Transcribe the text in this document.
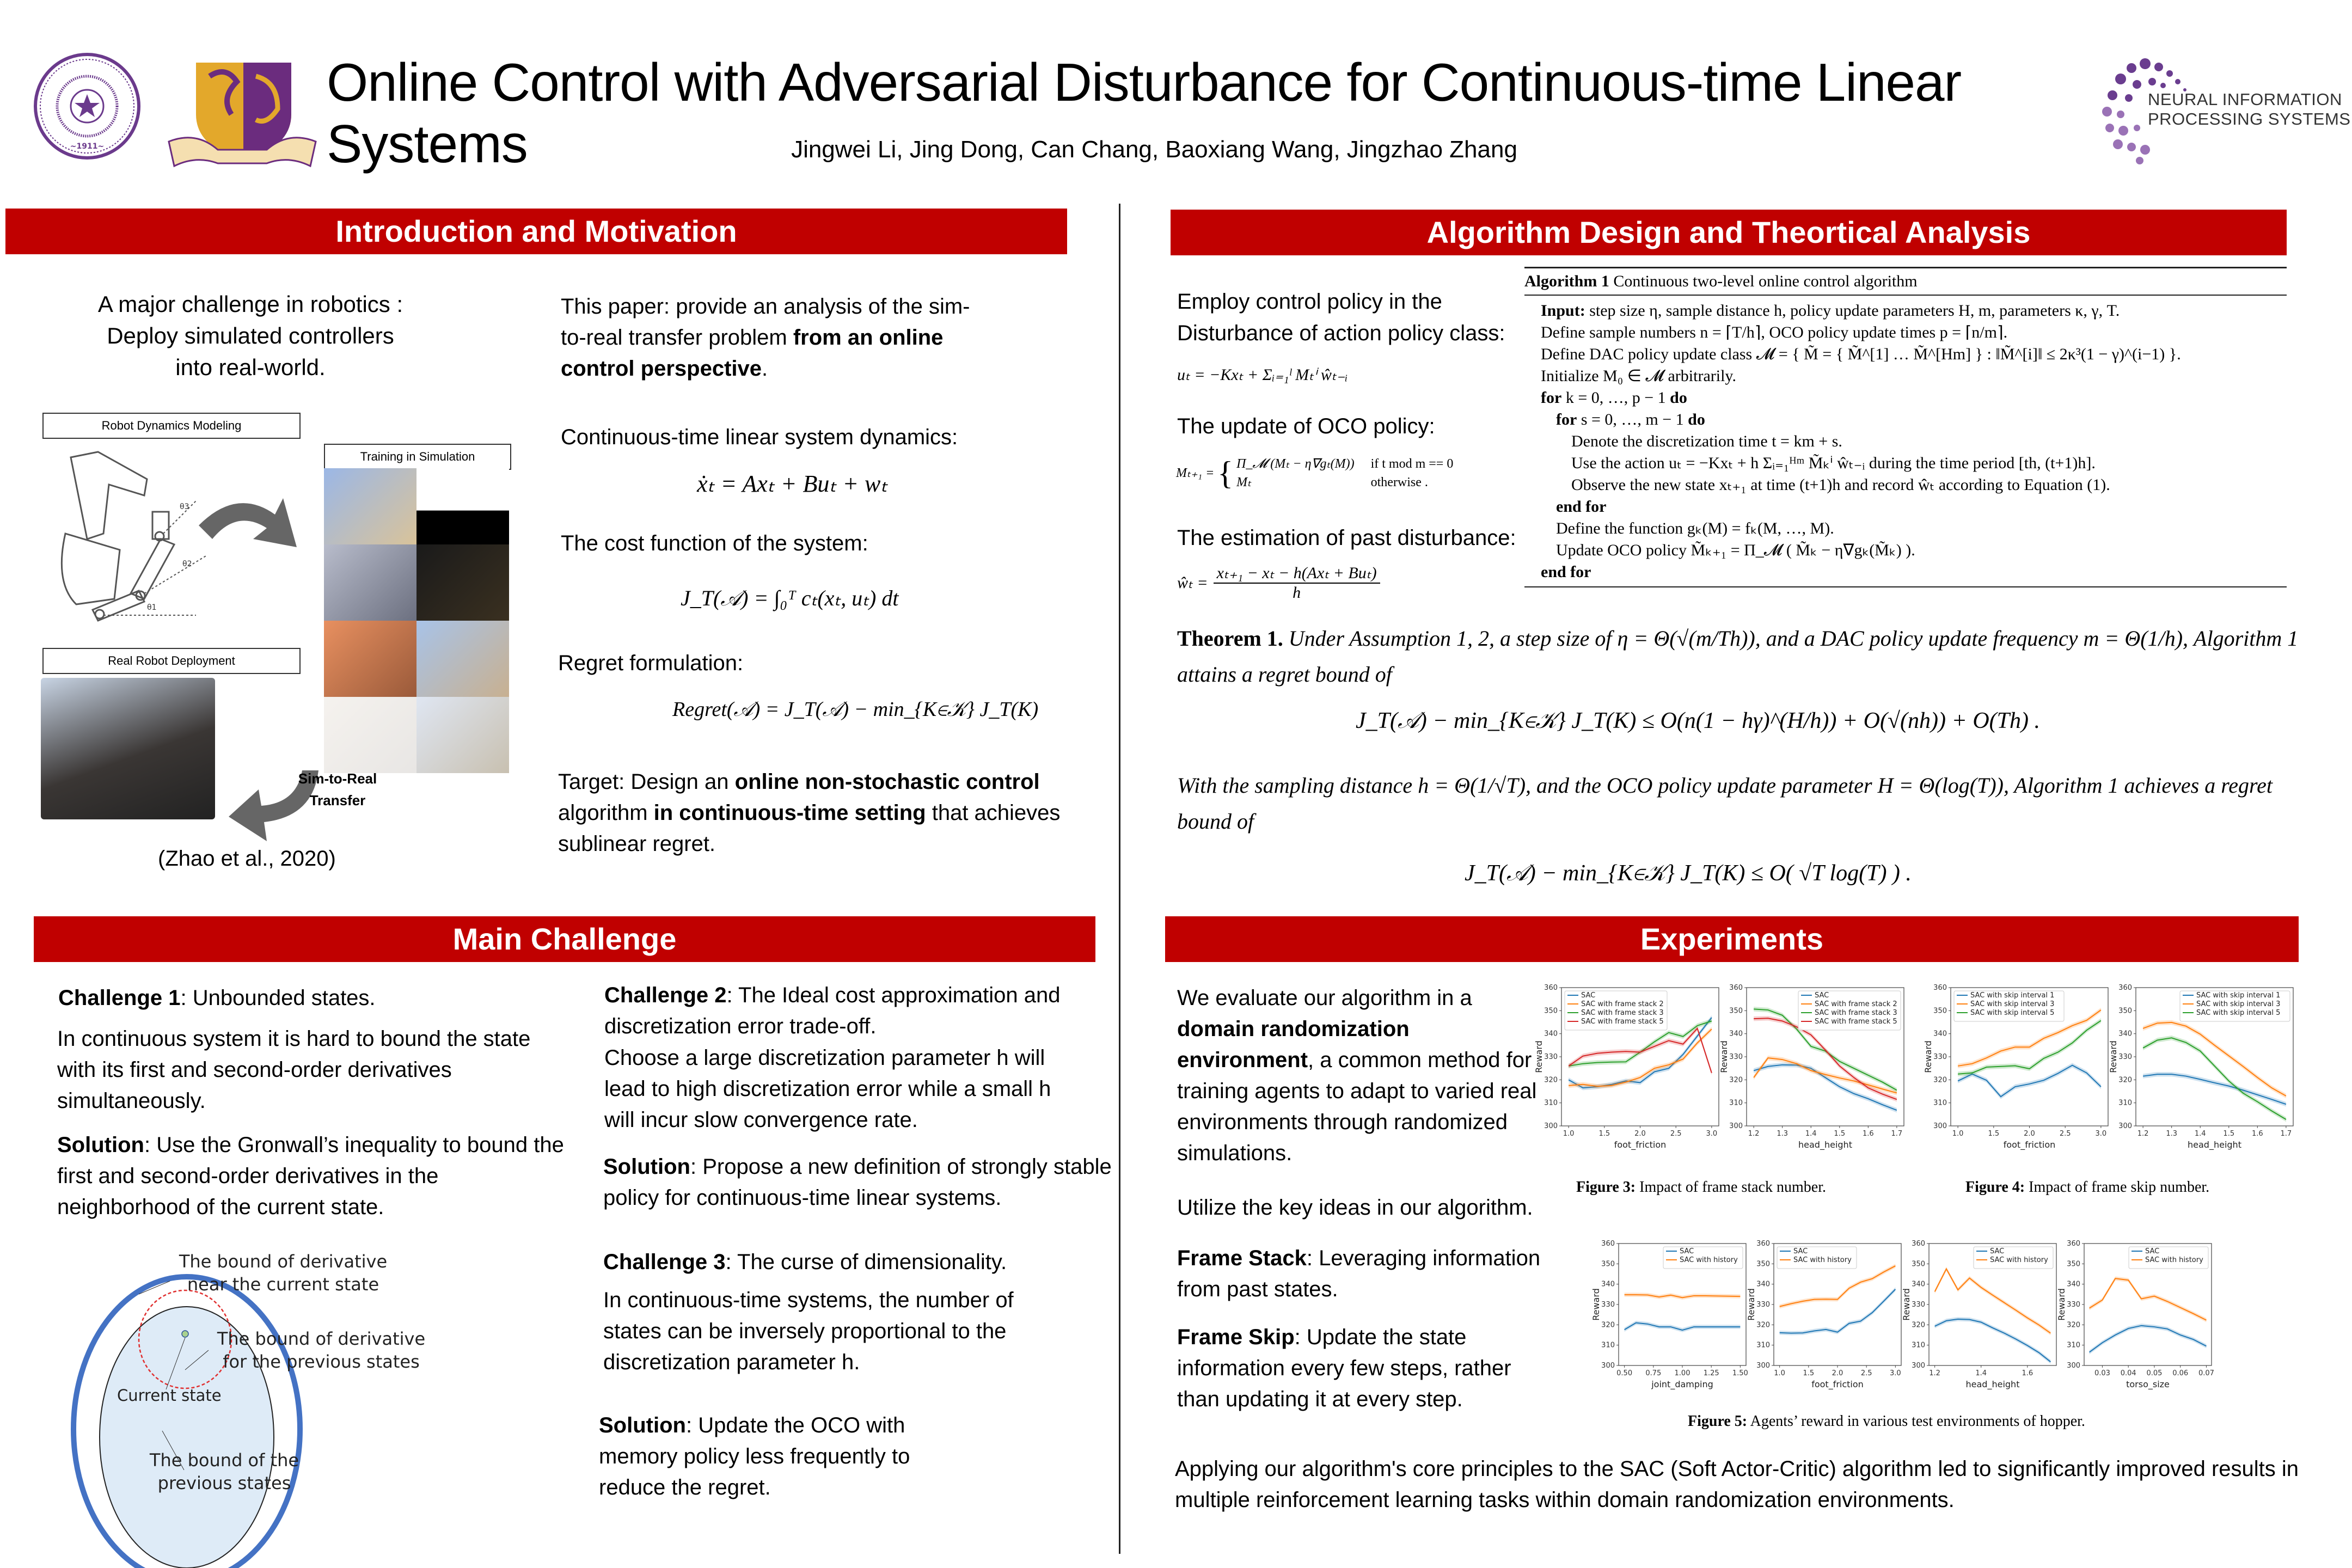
~1911~
Online Control with Adversarial Disturbance for Continuous-time Linear Systems	Jingwei Li, Jing Dong, Can Chang, Baoxiang Wang, Jingzhao Zhang
NEURAL INFORMATION
PROCESSING SYSTEMS
Introduction and Motivation
A major challenge in robotics :
Deploy simulated controllers
into real-world.
Robot Dynamics Modeling
Training in Simulation
Real Robot Deployment
θ3
θ2
θ1
Sim-to-Real
Transfer
(Zhao et al., 2020)
This paper: provide an analysis of the sim-to-real transfer problem from an online control perspective.
Continuous-time linear system dynamics:
ẋₜ = Axₜ + Buₜ + wₜ
The cost function of the system:
J_T(𝒜) = ∫₀ᵀ cₜ(xₜ, uₜ) dt
Regret formulation:
Regret(𝒜) = J_T(𝒜) − min_{K∈𝒦} J_T(K)
Target: Design an online non-stochastic control algorithm in continuous-time setting that achieves sublinear regret.
Algorithm Design and Theortical Analysis
Employ control policy in the Disturbance of action policy class:
uₜ = −Kxₜ + Σᵢ₌₁ˡ Mₜⁱ ŵₜ₋ᵢ
The update of OCO policy:
Mₜ₊₁ = { Π_𝓜 (Mₜ − η∇gₜ(M)) if t mod m == 0
Mₜ	otherwise .
The estimation of past disturbance:
ŵₜ =
xₜ₊₁ − xₜ − h(Axₜ + Buₜ)
h
Algorithm 1 Continuous two-level online control algorithm
Input: step size η, sample distance h, policy update parameters H, m, parameters κ, γ, T.
Define sample numbers n = ⌈T/h⌉, OCO policy update times p = ⌈n/m⌉.
Define DAC policy update class 𝓜 = { M̃ = { M̃^[1] … M̃^[Hm] } : ‖M̃^[i]‖ ≤ 2κ³(1 − γ)^(i−1) }.
Initialize M₀ ∈ 𝓜 arbitrarily.
for k = 0, …, p − 1 do
for s = 0, …, m − 1 do
Denote the discretization time t = km + s.
Use the action uₜ = −Kxₜ + h Σᵢ₌₁ᴴᵐ M̃ₖⁱ ŵₜ₋ᵢ during the time period [th, (t+1)h].
Observe the new state xₜ₊₁ at time (t+1)h and record ŵₜ according to Equation (1).
end for
Define the function gₖ(M) = fₖ(M, …, M).
Update OCO policy M̃ₖ₊₁ = Π_𝓜 ( M̃ₖ − η∇gₖ(M̃ₖ) ).
end for
Theorem 1. Under Assumption 1, 2, a step size of η = Θ(√(m/Th)), and a DAC policy update frequency m = Θ(1/h), Algorithm 1 attains a regret bound of
J_T(𝒜) − min_{K∈𝒦} J_T(K) ≤ O(n(1 − hγ)^(H/h)) + O(√(nh)) + O(Th) .
With the sampling distance h = Θ(1/√T), and the OCO policy update parameter H = Θ(log(T)), Algorithm 1 achieves a regret bound of
J_T(𝒜) − min_{K∈𝒦} J_T(K) ≤ O( √T log(T) ) .
Main Challenge
Challenge 1: Unbounded states.
In continuous system it is hard to bound the state with its first and second-order derivatives simultaneously.
Solution: Use the Gronwall’s inequality to bound the first and second-order derivatives in the neighborhood of the current state.
Challenge 2: The Ideal cost approximation and discretization error trade-off.
Choose a large discretization parameter h will lead to high discretization error while a small h will incur slow convergence rate.
Solution: Propose a new definition of strongly stable policy for continuous-time linear systems.
Challenge 3: The curse of dimensionality.
In continuous-time systems, the number of states can be inversely proportional to the discretization parameter h.
Solution: Update the OCO with memory policy less frequently to reduce the regret.
Current state
The bound of derivative
near the current state
The bound of derivative
for the previous states
The bound of the
previous states
Experiments
We evaluate our algorithm in a domain randomization environment, a common method for training agents to adapt to varied real environments through randomized simulations.
Utilize the key ideas in our algorithm.
Frame Stack: Leveraging information from past states.
Frame Skip: Update the state information every few steps, rather than updating it at every step.
300
310
320
330
340
350
360
1.0	1.5	2.0	2.5	3.0
foot_friction
Reward
SAC
SAC with frame stack 2
SAC with frame stack 3
SAC with frame stack 5
300
310
320
330
340
350
360
1.2 1.3 1.4 1.5 1.6 1.7
head_height
Reward
SAC
SAC with frame stack 2
SAC with frame stack 3
SAC with frame stack 5
300
310
320
330
340
350
360
1.0	1.5	2.0	2.5	3.0
foot_friction
Reward
SAC with skip interval 1
SAC with skip interval 3
SAC with skip interval 5
300
310
320
330
340
350
360
1.2 1.3 1.4 1.5 1.6 1.7
head_height
Reward
SAC with skip interval 1
SAC with skip interval 3
SAC with skip interval 5
Figure 3: Impact of frame stack number.	Figure 4: Impact of frame skip number.
300
310
320
330
340
350
360
0.50 0.75 1.00 1.25 1.50
joint_damping
Reward
SAC
SAC with history
300
310
320
330
340
350
360
1.0 1.5 2.0 2.5 3.0
foot_friction
Reward
SAC
SAC with history
300
310
320
330
340
350
360
1.2	1.4	1.6
head_height
Reward
SAC
SAC with history
300
310
320
330
340
350
360
0.03 0.04 0.05 0.06 0.07
torso_size
Reward
SAC
SAC with history
Figure 5: Agents’ reward in various test environments of hopper.
Applying our algorithm's core principles to the SAC (Soft Actor-Critic) algorithm led to significantly improved results in multiple reinforcement learning tasks within domain randomization environments.
